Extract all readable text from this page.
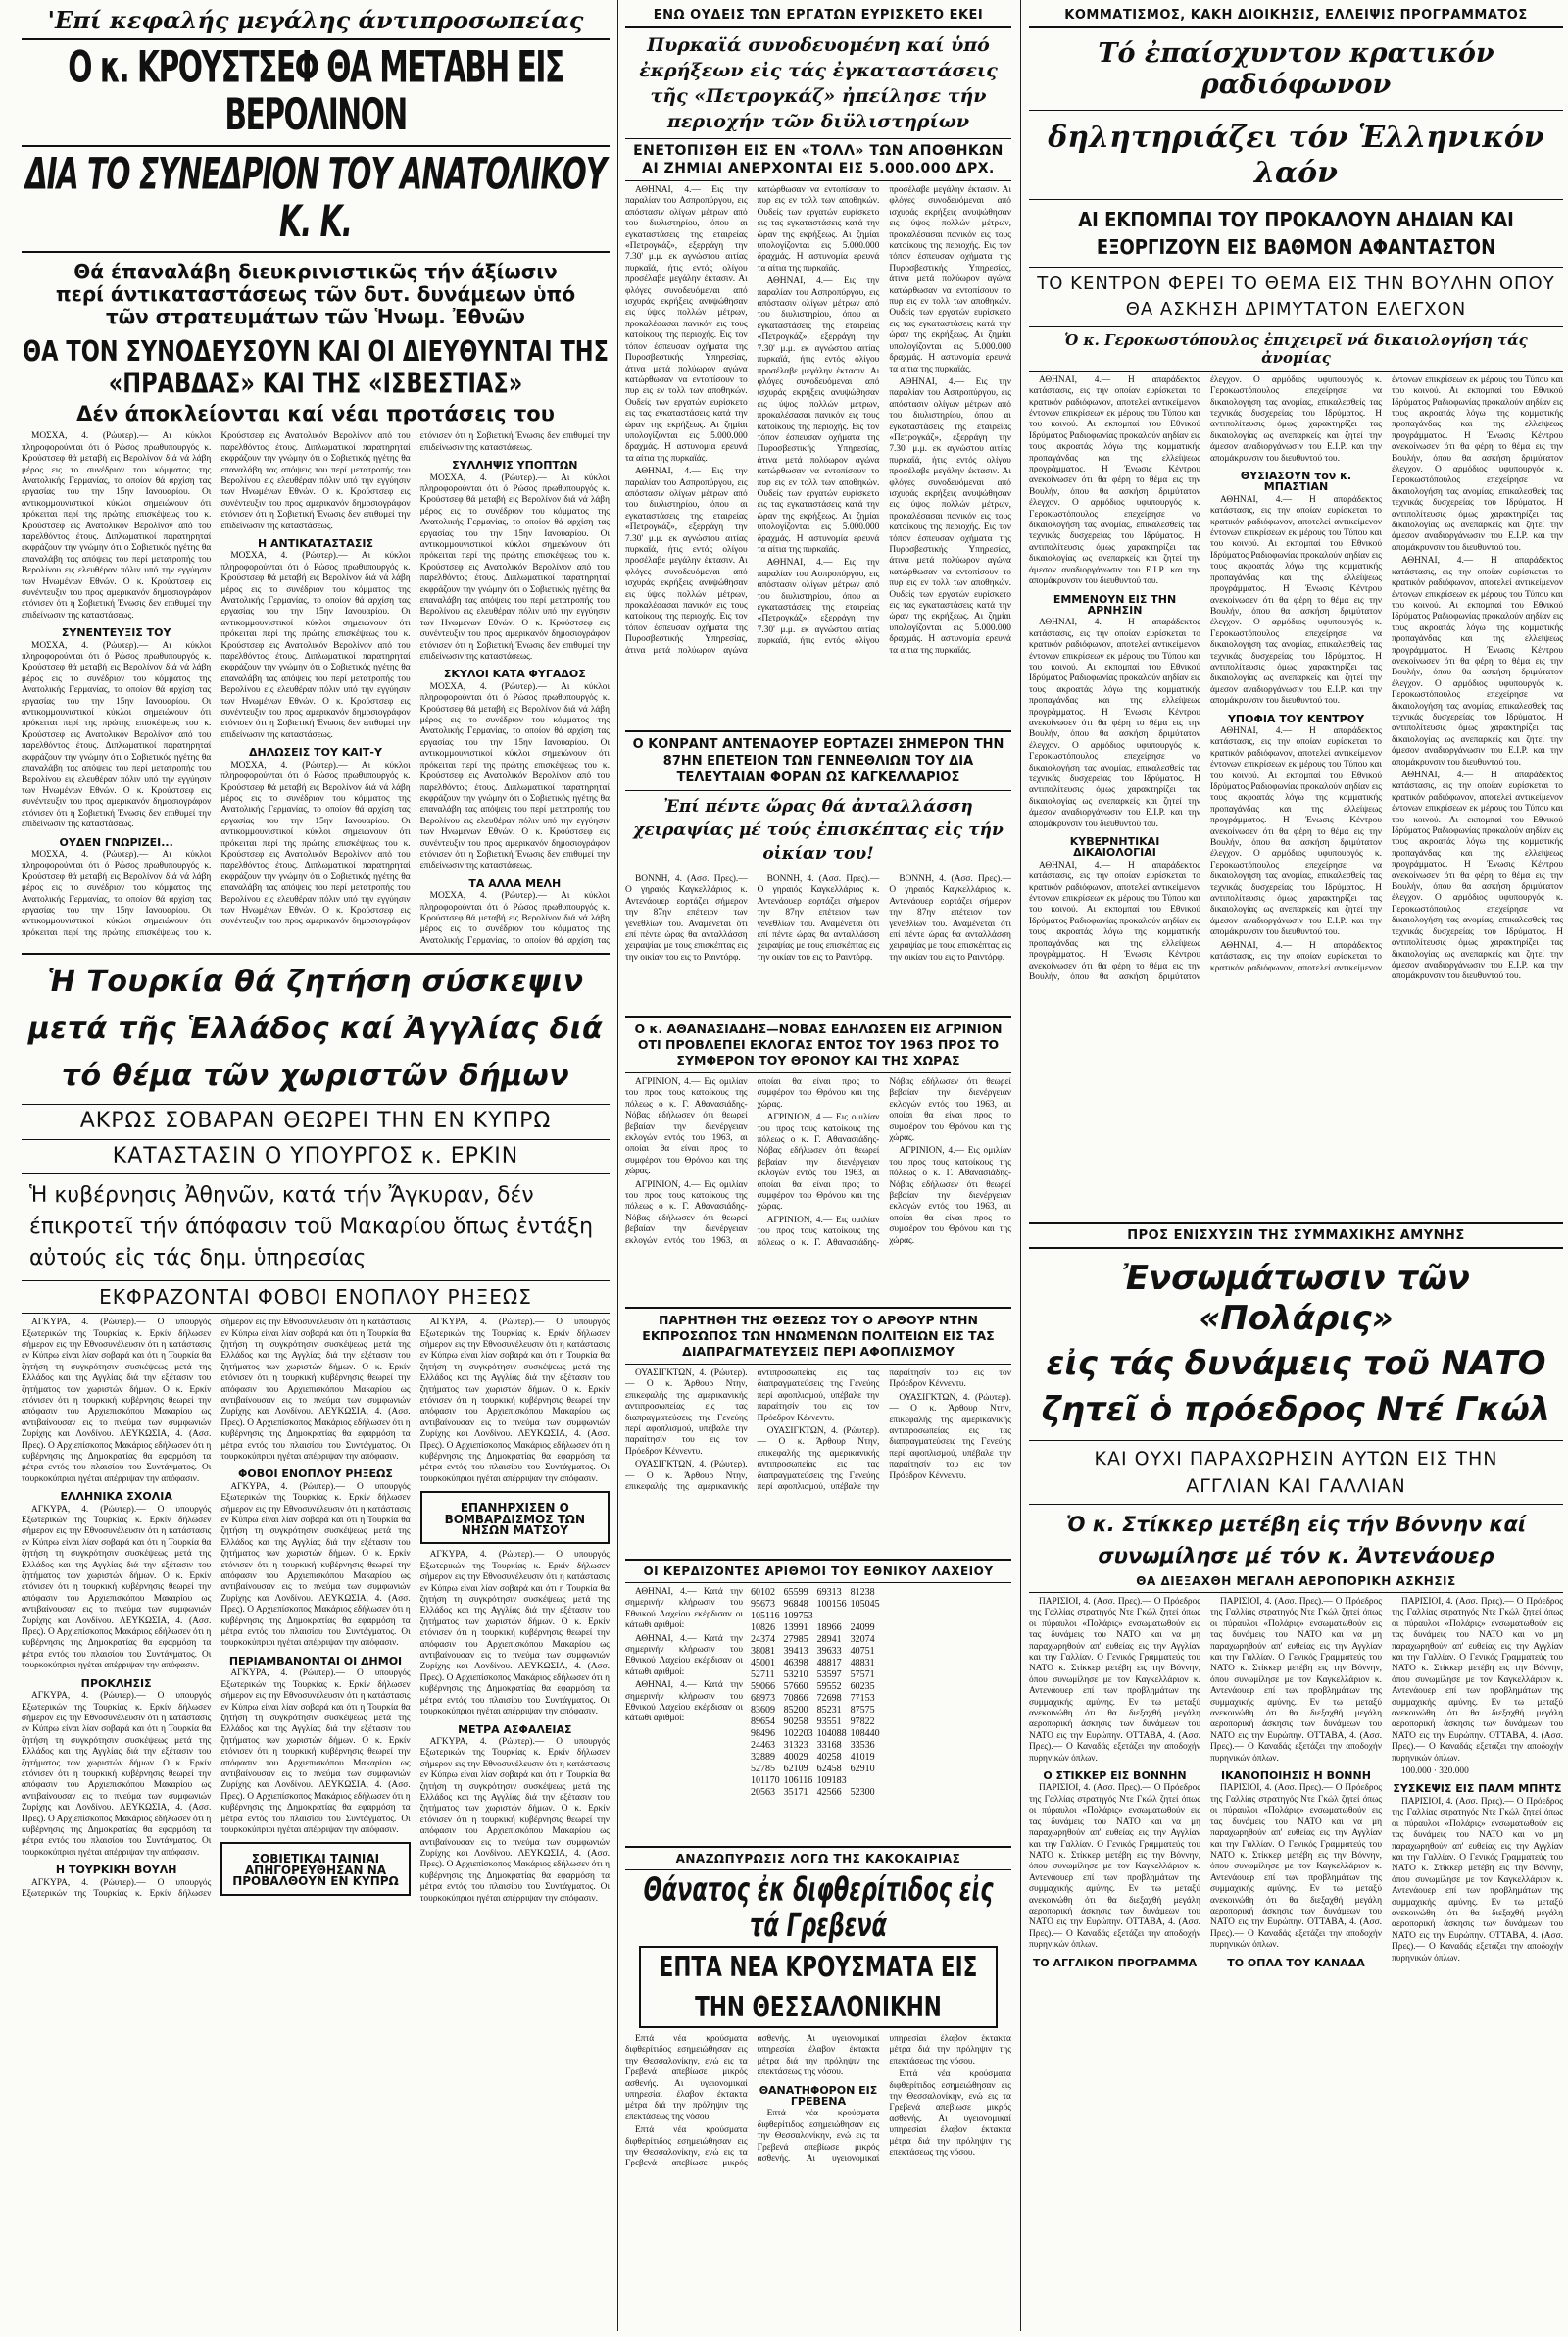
'Επί κεφαλής μεγάλης άντιπροσωπείας
Ο κ. ΚΡΟΥΣΤΣΕΦ ΘΑ ΜΕΤΑΒΗ ΕΙΣ ΒΕΡΟΛΙΝΟΝ
ΔΙΑ ΤΟ ΣΥΝΕΔΡΙΟΝ ΤΟΥ ΑΝΑΤΟΛΙΚΟΥ Κ. Κ.
Θά έπαναλάβη διευκρινιστικῶς τήν άξίωσιν περί άντικαταστάσεως τῶν δυτ. δυνάμεων ὑπό τῶν στρατευμάτων τῶν Ἡνωμ. Ἐθνῶν
ΘΑ ΤΟΝ ΣΥΝΟΔΕΥΣΟΥΝ ΚΑΙ ΟΙ ΔΙΕΥΘΥΝΤΑΙ ΤΗΣ «ΠΡΑΒΔΑΣ» ΚΑΙ ΤΗΣ «ΙΣΒΕΣΤΙΑΣ»
Δέν άποκλείονται καί νέαι προτάσεις του

ΜΟΣΧΑ, 4. (Ρώυτερ).— Αι κύκλοι πληροφορούνται ότι ό Ρώσος πρωθυπουργός κ. Κρούστσεφ θά μεταβή εις Βερολίνον διά νά λάβη μέρος εις το συνέδριον του κόμματος της Ανατολικής Γερμανίας, το οποίον θά αρχίση τας εργασίας του την 15ην Ιανουαρίου. Οι αντικομμουνιστικοί κύκλοι σημειώνουν ότι πρόκειται περί της πρώτης επισκέψεως του κ. Κρούστσεφ εις Ανατολικόν Βερολίνον από του παρελθόντος έτους. Διπλωματικοί παρατηρηταί εκφράζουν την γνώμην ότι ο Σοβιετικός ηγέτης θα επαναλάβη τας απόψεις του περί μετατροπής του Βερολίνου εις ελευθέραν πόλιν υπό την εγγύησιν των Ηνωμένων Εθνών. Ο κ. Κρούστσεφ εις συνέντευξιν του προς αμερικανόν δημοσιογράφον ετόνισεν ότι η Σοβιετική Ένωσις δεν επιθυμεί την επιδείνωσιν της καταστάσεως.

ΣΥΝΕΝΤΕΥΞΙΣ ΤΟΥ

ΜΟΣΧΑ, 4. (Ρώυτερ).— Αι κύκλοι πληροφορούνται ότι ό Ρώσος πρωθυπουργός κ. Κρούστσεφ θά μεταβή εις Βερολίνον διά νά λάβη μέρος εις το συνέδριον του κόμματος της Ανατολικής Γερμανίας, το οποίον θά αρχίση τας εργασίας του την 15ην Ιανουαρίου. Οι αντικομμουνιστικοί κύκλοι σημειώνουν ότι πρόκειται περί της πρώτης επισκέψεως του κ. Κρούστσεφ εις Ανατολικόν Βερολίνον από του παρελθόντος έτους. Διπλωματικοί παρατηρηταί εκφράζουν την γνώμην ότι ο Σοβιετικός ηγέτης θα επαναλάβη τας απόψεις του περί μετατροπής του Βερολίνου εις ελευθέραν πόλιν υπό την εγγύησιν των Ηνωμένων Εθνών. Ο κ. Κρούστσεφ εις συνέντευξιν του προς αμερικανόν δημοσιογράφον ετόνισεν ότι η Σοβιετική Ένωσις δεν επιθυμεί την επιδείνωσιν της καταστάσεως.

ΟΥΔΕΝ ΓΝΩΡΙΖΕΙ...

ΜΟΣΧΑ, 4. (Ρώυτερ).— Αι κύκλοι πληροφορούνται ότι ό Ρώσος πρωθυπουργός κ. Κρούστσεφ θά μεταβή εις Βερολίνον διά νά λάβη μέρος εις το συνέδριον του κόμματος της Ανατολικής Γερμανίας, το οποίον θά αρχίση τας εργασίας του την 15ην Ιανουαρίου. Οι αντικομμουνιστικοί κύκλοι σημειώνουν ότι πρόκειται περί της πρώτης επισκέψεως του κ. Κρούστσεφ εις Ανατολικόν Βερολίνον από του παρελθόντος έτους. Διπλωματικοί παρατηρηταί εκφράζουν την γνώμην ότι ο Σοβιετικός ηγέτης θα επαναλάβη τας απόψεις του περί μετατροπής του Βερολίνου εις ελευθέραν πόλιν υπό την εγγύησιν των Ηνωμένων Εθνών. Ο κ. Κρούστσεφ εις συνέντευξιν του προς αμερικανόν δημοσιογράφον ετόνισεν ότι η Σοβιετική Ένωσις δεν επιθυμεί την επιδείνωσιν της καταστάσεως.

Η ΑΝΤΙΚΑΤΑΣΤΑΣΙΣ

ΜΟΣΧΑ, 4. (Ρώυτερ).— Αι κύκλοι πληροφορούνται ότι ό Ρώσος πρωθυπουργός κ. Κρούστσεφ θά μεταβή εις Βερολίνον διά νά λάβη μέρος εις το συνέδριον του κόμματος της Ανατολικής Γερμανίας, το οποίον θά αρχίση τας εργασίας του την 15ην Ιανουαρίου. Οι αντικομμουνιστικοί κύκλοι σημειώνουν ότι πρόκειται περί της πρώτης επισκέψεως του κ. Κρούστσεφ εις Ανατολικόν Βερολίνον από του παρελθόντος έτους. Διπλωματικοί παρατηρηταί εκφράζουν την γνώμην ότι ο Σοβιετικός ηγέτης θα επαναλάβη τας απόψεις του περί μετατροπής του Βερολίνου εις ελευθέραν πόλιν υπό την εγγύησιν των Ηνωμένων Εθνών. Ο κ. Κρούστσεφ εις συνέντευξιν του προς αμερικανόν δημοσιογράφον ετόνισεν ότι η Σοβιετική Ένωσις δεν επιθυμεί την επιδείνωσιν της καταστάσεως.

ΔΗΛΩΣΕΙΣ ΤΟΥ ΚΑΙΤ-Υ

ΜΟΣΧΑ, 4. (Ρώυτερ).— Αι κύκλοι πληροφορούνται ότι ό Ρώσος πρωθυπουργός κ. Κρούστσεφ θά μεταβή εις Βερολίνον διά νά λάβη μέρος εις το συνέδριον του κόμματος της Ανατολικής Γερμανίας, το οποίον θά αρχίση τας εργασίας του την 15ην Ιανουαρίου. Οι αντικομμουνιστικοί κύκλοι σημειώνουν ότι πρόκειται περί της πρώτης επισκέψεως του κ. Κρούστσεφ εις Ανατολικόν Βερολίνον από του παρελθόντος έτους. Διπλωματικοί παρατηρηταί εκφράζουν την γνώμην ότι ο Σοβιετικός ηγέτης θα επαναλάβη τας απόψεις του περί μετατροπής του Βερολίνου εις ελευθέραν πόλιν υπό την εγγύησιν των Ηνωμένων Εθνών. Ο κ. Κρούστσεφ εις συνέντευξιν του προς αμερικανόν δημοσιογράφον ετόνισεν ότι η Σοβιετική Ένωσις δεν επιθυμεί την επιδείνωσιν της καταστάσεως.

ΣΥΛΛΗΨΙΣ ΥΠΟΠΤΩΝ

ΜΟΣΧΑ, 4. (Ρώυτερ).— Αι κύκλοι πληροφορούνται ότι ό Ρώσος πρωθυπουργός κ. Κρούστσεφ θά μεταβή εις Βερολίνον διά νά λάβη μέρος εις το συνέδριον του κόμματος της Ανατολικής Γερμανίας, το οποίον θά αρχίση τας εργασίας του την 15ην Ιανουαρίου. Οι αντικομμουνιστικοί κύκλοι σημειώνουν ότι πρόκειται περί της πρώτης επισκέψεως του κ. Κρούστσεφ εις Ανατολικόν Βερολίνον από του παρελθόντος έτους. Διπλωματικοί παρατηρηταί εκφράζουν την γνώμην ότι ο Σοβιετικός ηγέτης θα επαναλάβη τας απόψεις του περί μετατροπής του Βερολίνου εις ελευθέραν πόλιν υπό την εγγύησιν των Ηνωμένων Εθνών. Ο κ. Κρούστσεφ εις συνέντευξιν του προς αμερικανόν δημοσιογράφον ετόνισεν ότι η Σοβιετική Ένωσις δεν επιθυμεί την επιδείνωσιν της καταστάσεως.

ΣΚΥΛΟΙ ΚΑΤΑ ΦΥΓΑΔΟΣ

ΜΟΣΧΑ, 4. (Ρώυτερ).— Αι κύκλοι πληροφορούνται ότι ό Ρώσος πρωθυπουργός κ. Κρούστσεφ θά μεταβή εις Βερολίνον διά νά λάβη μέρος εις το συνέδριον του κόμματος της Ανατολικής Γερμανίας, το οποίον θά αρχίση τας εργασίας του την 15ην Ιανουαρίου. Οι αντικομμουνιστικοί κύκλοι σημειώνουν ότι πρόκειται περί της πρώτης επισκέψεως του κ. Κρούστσεφ εις Ανατολικόν Βερολίνον από του παρελθόντος έτους. Διπλωματικοί παρατηρηταί εκφράζουν την γνώμην ότι ο Σοβιετικός ηγέτης θα επαναλάβη τας απόψεις του περί μετατροπής του Βερολίνου εις ελευθέραν πόλιν υπό την εγγύησιν των Ηνωμένων Εθνών. Ο κ. Κρούστσεφ εις συνέντευξιν του προς αμερικανόν δημοσιογράφον ετόνισεν ότι η Σοβιετική Ένωσις δεν επιθυμεί την επιδείνωσιν της καταστάσεως.

ΤΑ ΑΛΛΑ ΜΕΛΗ

ΜΟΣΧΑ, 4. (Ρώυτερ).— Αι κύκλοι πληροφορούνται ότι ό Ρώσος πρωθυπουργός κ. Κρούστσεφ θά μεταβή εις Βερολίνον διά νά λάβη μέρος εις το συνέδριον του κόμματος της Ανατολικής Γερμανίας, το οποίον θά αρχίση τας

Ἡ Τουρκία θά ζητήση σύσκεψιν μετά τῆς Ἑλλάδος καί Ἀγγλίας διά τό θέμα τῶν χωριστῶν δήμων
ΑΚΡΩΣ ΣΟΒΑΡΑΝ ΘΕΩΡΕΙ ΤΗΝ ΕΝ ΚΥΠΡΩ
ΚΑΤΑΣΤΑΣΙΝ Ο ΥΠΟΥΡΓΟΣ κ. ΕΡΚΙΝ
Ἡ κυβέρνησις Ἀθηνῶν, κατά τήν Ἄγκυραν, δέν έπικροτεῖ τήν άπόφασιν τοῦ Μακαρίου ὅπως ἐντάξη αὐτούς εἰς τάς δημ. ὑπηρεσίας
ΕΚΦΡΑΖΟΝΤΑΙ ΦΟΒΟΙ ΕΝΟΠΛΟΥ ΡΗΞΕΩΣ

ΑΓΚΥΡΑ, 4. (Ρώυτερ).— Ο υπουργός Εξωτερικών της Τουρκίας κ. Ερκίν δήλωσεν σήμερον εις την Εθνοσυνέλευσιν ότι η κατάστασις εν Κύπρω είναι λίαν σοβαρά και ότι η Τουρκία θα ζητήση τη συγκρότησιν συσκέψεως μετά της Ελλάδος και της Αγγλίας διά την εξέτασιν του ζητήματος των χωριστών δήμων. Ο κ. Ερκίν ετόνισεν ότι η τουρκική κυβέρνησις θεωρεί την απόφασιν του Αρχιεπισκόπου Μακαρίου ως αντιβαίνουσαν εις το πνεύμα των συμφωνιών Ζυρίχης και Λονδίνου. ΛΕΥΚΩΣΙΑ, 4. (Ασσ. Πρες). Ο Αρχιεπίσκοπος Μακάριος εδήλωσεν ότι η κυβέρνησις της Δημοκρατίας θα εφαρμόση τα μέτρα εντός του πλαισίου του Συντάγματος. Οι τουρκοκύπριοι ηγέται απέρριψαν την απόφασιν.

ΕΛΛΗΝΙΚΑ ΣΧΟΛΙΑ

ΑΓΚΥΡΑ, 4. (Ρώυτερ).— Ο υπουργός Εξωτερικών της Τουρκίας κ. Ερκίν δήλωσεν σήμερον εις την Εθνοσυνέλευσιν ότι η κατάστασις εν Κύπρω είναι λίαν σοβαρά και ότι η Τουρκία θα ζητήση τη συγκρότησιν συσκέψεως μετά της Ελλάδος και της Αγγλίας διά την εξέτασιν του ζητήματος των χωριστών δήμων. Ο κ. Ερκίν ετόνισεν ότι η τουρκική κυβέρνησις θεωρεί την απόφασιν του Αρχιεπισκόπου Μακαρίου ως αντιβαίνουσαν εις το πνεύμα των συμφωνιών Ζυρίχης και Λονδίνου. ΛΕΥΚΩΣΙΑ, 4. (Ασσ. Πρες). Ο Αρχιεπίσκοπος Μακάριος εδήλωσεν ότι η κυβέρνησις της Δημοκρατίας θα εφαρμόση τα μέτρα εντός του πλαισίου του Συντάγματος. Οι τουρκοκύπριοι ηγέται απέρριψαν την απόφασιν.

ΠΡΟΚΛΗΣΙΣ

ΑΓΚΥΡΑ, 4. (Ρώυτερ).— Ο υπουργός Εξωτερικών της Τουρκίας κ. Ερκίν δήλωσεν σήμερον εις την Εθνοσυνέλευσιν ότι η κατάστασις εν Κύπρω είναι λίαν σοβαρά και ότι η Τουρκία θα ζητήση τη συγκρότησιν συσκέψεως μετά της Ελλάδος και της Αγγλίας διά την εξέτασιν του ζητήματος των χωριστών δήμων. Ο κ. Ερκίν ετόνισεν ότι η τουρκική κυβέρνησις θεωρεί την απόφασιν του Αρχιεπισκόπου Μακαρίου ως αντιβαίνουσαν εις το πνεύμα των συμφωνιών Ζυρίχης και Λονδίνου. ΛΕΥΚΩΣΙΑ, 4. (Ασσ. Πρες). Ο Αρχιεπίσκοπος Μακάριος εδήλωσεν ότι η κυβέρνησις της Δημοκρατίας θα εφαρμόση τα μέτρα εντός του πλαισίου του Συντάγματος. Οι τουρκοκύπριοι ηγέται απέρριψαν την απόφασιν.

Η ΤΟΥΡΚΙΚΗ ΒΟΥΛΗ

ΑΓΚΥΡΑ, 4. (Ρώυτερ).— Ο υπουργός Εξωτερικών της Τουρκίας κ. Ερκίν δήλωσεν σήμερον εις την Εθνοσυνέλευσιν ότι η κατάστασις εν Κύπρω είναι λίαν σοβαρά και ότι η Τουρκία θα ζητήση τη συγκρότησιν συσκέψεως μετά της Ελλάδος και της Αγγλίας διά την εξέτασιν του ζητήματος των χωριστών δήμων. Ο κ. Ερκίν ετόνισεν ότι η τουρκική κυβέρνησις θεωρεί την απόφασιν του Αρχιεπισκόπου Μακαρίου ως αντιβαίνουσαν εις το πνεύμα των συμφωνιών Ζυρίχης και Λονδίνου. ΛΕΥΚΩΣΙΑ, 4. (Ασσ. Πρες). Ο Αρχιεπίσκοπος Μακάριος εδήλωσεν ότι η κυβέρνησις της Δημοκρατίας θα εφαρμόση τα μέτρα εντός του πλαισίου του Συντάγματος. Οι τουρκοκύπριοι ηγέται απέρριψαν την απόφασιν.

ΦΟΒΟΙ ΕΝΟΠΛΟΥ ΡΗΞΕΩΣ

ΑΓΚΥΡΑ, 4. (Ρώυτερ).— Ο υπουργός Εξωτερικών της Τουρκίας κ. Ερκίν δήλωσεν σήμερον εις την Εθνοσυνέλευσιν ότι η κατάστασις εν Κύπρω είναι λίαν σοβαρά και ότι η Τουρκία θα ζητήση τη συγκρότησιν συσκέψεως μετά της Ελλάδος και της Αγγλίας διά την εξέτασιν του ζητήματος των χωριστών δήμων. Ο κ. Ερκίν ετόνισεν ότι η τουρκική κυβέρνησις θεωρεί την απόφασιν του Αρχιεπισκόπου Μακαρίου ως αντιβαίνουσαν εις το πνεύμα των συμφωνιών Ζυρίχης και Λονδίνου. ΛΕΥΚΩΣΙΑ, 4. (Ασσ. Πρες). Ο Αρχιεπίσκοπος Μακάριος εδήλωσεν ότι η κυβέρνησις της Δημοκρατίας θα εφαρμόση τα μέτρα εντός του πλαισίου του Συντάγματος. Οι τουρκοκύπριοι ηγέται απέρριψαν την απόφασιν.

ΠΕΡΙΑΜΒΑΝΟΝΤΑΙ ΟΙ ΔΗΜΟΙ

ΑΓΚΥΡΑ, 4. (Ρώυτερ).— Ο υπουργός Εξωτερικών της Τουρκίας κ. Ερκίν δήλωσεν σήμερον εις την Εθνοσυνέλευσιν ότι η κατάστασις εν Κύπρω είναι λίαν σοβαρά και ότι η Τουρκία θα ζητήση τη συγκρότησιν συσκέψεως μετά της Ελλάδος και της Αγγλίας διά την εξέτασιν του ζητήματος των χωριστών δήμων. Ο κ. Ερκίν ετόνισεν ότι η τουρκική κυβέρνησις θεωρεί την απόφασιν του Αρχιεπισκόπου Μακαρίου ως αντιβαίνουσαν εις το πνεύμα των συμφωνιών Ζυρίχης και Λονδίνου. ΛΕΥΚΩΣΙΑ, 4. (Ασσ. Πρες). Ο Αρχιεπίσκοπος Μακάριος εδήλωσεν ότι η κυβέρνησις της Δημοκρατίας θα εφαρμόση τα μέτρα εντός του πλαισίου του Συντάγματος. Οι τουρκοκύπριοι ηγέται απέρριψαν την απόφασιν.

ΣΟΒΙΕΤΙΚΑΙ ΤΑΙΝΙΑΙ ΑΠΗΓΟΡΕΥΘΗΣΑΝ ΝΑ ΠΡΟΒΑΛΘΟΥΝ ΕΝ ΚΥΠΡΩ

ΑΓΚΥΡΑ, 4. (Ρώυτερ).— Ο υπουργός Εξωτερικών της Τουρκίας κ. Ερκίν δήλωσεν σήμερον εις την Εθνοσυνέλευσιν ότι η κατάστασις εν Κύπρω είναι λίαν σοβαρά και ότι η Τουρκία θα ζητήση τη συγκρότησιν συσκέψεως μετά της Ελλάδος και της Αγγλίας διά την εξέτασιν του ζητήματος των χωριστών δήμων. Ο κ. Ερκίν ετόνισεν ότι η τουρκική κυβέρνησις θεωρεί την απόφασιν του Αρχιεπισκόπου Μακαρίου ως αντιβαίνουσαν εις το πνεύμα των συμφωνιών Ζυρίχης και Λονδίνου. ΛΕΥΚΩΣΙΑ, 4. (Ασσ. Πρες). Ο Αρχιεπίσκοπος Μακάριος εδήλωσεν ότι η κυβέρνησις της Δημοκρατίας θα εφαρμόση τα μέτρα εντός του πλαισίου του Συντάγματος. Οι τουρκοκύπριοι ηγέται απέρριψαν την απόφασιν.

ΕΠΑΝΗΡΧΙΣΕΝ Ο ΒΟΜΒΑΡΔΙΣΜΟΣ ΤΩΝ ΝΗΣΩΝ ΜΑΤΣΟΥ

ΑΓΚΥΡΑ, 4. (Ρώυτερ).— Ο υπουργός Εξωτερικών της Τουρκίας κ. Ερκίν δήλωσεν σήμερον εις την Εθνοσυνέλευσιν ότι η κατάστασις εν Κύπρω είναι λίαν σοβαρά και ότι η Τουρκία θα ζητήση τη συγκρότησιν συσκέψεως μετά της Ελλάδος και της Αγγλίας διά την εξέτασιν του ζητήματος των χωριστών δήμων. Ο κ. Ερκίν ετόνισεν ότι η τουρκική κυβέρνησις θεωρεί την απόφασιν του Αρχιεπισκόπου Μακαρίου ως αντιβαίνουσαν εις το πνεύμα των συμφωνιών Ζυρίχης και Λονδίνου. ΛΕΥΚΩΣΙΑ, 4. (Ασσ. Πρες). Ο Αρχιεπίσκοπος Μακάριος εδήλωσεν ότι η κυβέρνησις της Δημοκρατίας θα εφαρμόση τα μέτρα εντός του πλαισίου του Συντάγματος. Οι τουρκοκύπριοι ηγέται απέρριψαν την απόφασιν.

ΜΕΤΡΑ ΑΣΦΑΛΕΙΑΣ

ΑΓΚΥΡΑ, 4. (Ρώυτερ).— Ο υπουργός Εξωτερικών της Τουρκίας κ. Ερκίν δήλωσεν σήμερον εις την Εθνοσυνέλευσιν ότι η κατάστασις εν Κύπρω είναι λίαν σοβαρά και ότι η Τουρκία θα ζητήση τη συγκρότησιν συσκέψεως μετά της Ελλάδος και της Αγγλίας διά την εξέτασιν του ζητήματος των χωριστών δήμων. Ο κ. Ερκίν ετόνισεν ότι η τουρκική κυβέρνησις θεωρεί την απόφασιν του Αρχιεπισκόπου Μακαρίου ως αντιβαίνουσαν εις το πνεύμα των συμφωνιών Ζυρίχης και Λονδίνου. ΛΕΥΚΩΣΙΑ, 4. (Ασσ. Πρες). Ο Αρχιεπίσκοπος Μακάριος εδήλωσεν ότι η κυβέρνησις της Δημοκρατίας θα εφαρμόση τα μέτρα εντός του πλαισίου του Συντάγματος. Οι τουρκοκύπριοι ηγέται απέρριψαν την απόφασιν.

ΕΝΩ ΟΥΔΕΙΣ ΤΩΝ ΕΡΓΑΤΩΝ ΕΥΡΙΣΚΕΤΟ ΕΚΕΙ
Πυρκαϊά συνοδευομένη καί ὑπό ἐκρήξεων εἰς τάς ἐγκαταστάσεις τῆς «Πετρογκάζ» ἠπείλησε τήν περιοχήν τῶν διϋλιστηρίων
ΕΝΕΤΟΠΙΣΘΗ ΕΙΣ ΕΝ «ΤΟΛΛ» ΤΩΝ ΑΠΟΘΗΚΩΝ
ΑΙ ΖΗΜΙΑΙ ΑΝΕΡΧΟΝΤΑΙ ΕΙΣ 5.000.000 ΔΡΧ.

ΑΘΗΝΑΙ, 4.— Εις την παραλίαν του Ασπροπύργου, εις απόστασιν ολίγων μέτρων από του διυλιστηρίου, όπου αι εγκαταστάσεις της εταιρείας «Πετρογκάζ», εξερράγη την 7.30' μ.μ. εκ αγνώστου αιτίας πυρκαϊά, ήτις εντός ολίγου προσέλαβε μεγάλην έκτασιν. Αι φλόγες συνοδευόμεναι από ισχυράς εκρήξεις ανυψώθησαν εις ύψος πολλών μέτρων, προκαλέσασαι πανικόν εις τους κατοίκους της περιοχής. Εις τον τόπον έσπευσαν οχήματα της Πυροσβεστικής Υπηρεσίας, άτινα μετά πολύωρον αγώνα κατώρθωσαν να εντοπίσουν το πυρ εις εν τολλ των αποθηκών. Ουδείς των εργατών ευρίσκετο εις τας εγκαταστάσεις κατά την ώραν της εκρήξεως. Αι ζημίαι υπολογίζονται εις 5.000.000 δραχμάς. Η αστυνομία ερευνά τα αίτια της πυρκαϊάς.

ΑΘΗΝΑΙ, 4.— Εις την παραλίαν του Ασπροπύργου, εις απόστασιν ολίγων μέτρων από του διυλιστηρίου, όπου αι εγκαταστάσεις της εταιρείας «Πετρογκάζ», εξερράγη την 7.30' μ.μ. εκ αγνώστου αιτίας πυρκαϊά, ήτις εντός ολίγου προσέλαβε μεγάλην έκτασιν. Αι φλόγες συνοδευόμεναι από ισχυράς εκρήξεις ανυψώθησαν εις ύψος πολλών μέτρων, προκαλέσασαι πανικόν εις τους κατοίκους της περιοχής. Εις τον τόπον έσπευσαν οχήματα της Πυροσβεστικής Υπηρεσίας, άτινα μετά πολύωρον αγώνα κατώρθωσαν να εντοπίσουν το πυρ εις εν τολλ των αποθηκών. Ουδείς των εργατών ευρίσκετο εις τας εγκαταστάσεις κατά την ώραν της εκρήξεως. Αι ζημίαι υπολογίζονται εις 5.000.000 δραχμάς. Η αστυνομία ερευνά τα αίτια της πυρκαϊάς.

ΑΘΗΝΑΙ, 4.— Εις την παραλίαν του Ασπροπύργου, εις απόστασιν ολίγων μέτρων από του διυλιστηρίου, όπου αι εγκαταστάσεις της εταιρείας «Πετρογκάζ», εξερράγη την 7.30' μ.μ. εκ αγνώστου αιτίας πυρκαϊά, ήτις εντός ολίγου προσέλαβε μεγάλην έκτασιν. Αι φλόγες συνοδευόμεναι από ισχυράς εκρήξεις ανυψώθησαν εις ύψος πολλών μέτρων, προκαλέσασαι πανικόν εις τους κατοίκους της περιοχής. Εις τον τόπον έσπευσαν οχήματα της Πυροσβεστικής Υπηρεσίας, άτινα μετά πολύωρον αγώνα κατώρθωσαν να εντοπίσουν το πυρ εις εν τολλ των αποθηκών. Ουδείς των εργατών ευρίσκετο εις τας εγκαταστάσεις κατά την ώραν της εκρήξεως. Αι ζημίαι υπολογίζονται εις 5.000.000 δραχμάς. Η αστυνομία ερευνά τα αίτια της πυρκαϊάς.

ΑΘΗΝΑΙ, 4.— Εις την παραλίαν του Ασπροπύργου, εις απόστασιν ολίγων μέτρων από του διυλιστηρίου, όπου αι εγκαταστάσεις της εταιρείας «Πετρογκάζ», εξερράγη την 7.30' μ.μ. εκ αγνώστου αιτίας πυρκαϊά, ήτις εντός ολίγου προσέλαβε μεγάλην έκτασιν. Αι φλόγες συνοδευόμεναι από ισχυράς εκρήξεις ανυψώθησαν εις ύψος πολλών μέτρων, προκαλέσασαι πανικόν εις τους κατοίκους της περιοχής. Εις τον τόπον έσπευσαν οχήματα της Πυροσβεστικής Υπηρεσίας, άτινα μετά πολύωρον αγώνα κατώρθωσαν να εντοπίσουν το πυρ εις εν τολλ των αποθηκών. Ουδείς των εργατών ευρίσκετο εις τας εγκαταστάσεις κατά την ώραν της εκρήξεως. Αι ζημίαι υπολογίζονται εις 5.000.000 δραχμάς. Η αστυνομία ερευνά τα αίτια της πυρκαϊάς.

ΑΘΗΝΑΙ, 4.— Εις την παραλίαν του Ασπροπύργου, εις απόστασιν ολίγων μέτρων από του διυλιστηρίου, όπου αι εγκαταστάσεις της εταιρείας «Πετρογκάζ», εξερράγη την 7.30' μ.μ. εκ αγνώστου αιτίας πυρκαϊά, ήτις εντός ολίγου προσέλαβε μεγάλην έκτασιν. Αι φλόγες συνοδευόμεναι από ισχυράς εκρήξεις ανυψώθησαν εις ύψος πολλών μέτρων, προκαλέσασαι πανικόν εις τους κατοίκους της περιοχής. Εις τον τόπον έσπευσαν οχήματα της Πυροσβεστικής Υπηρεσίας, άτινα μετά πολύωρον αγώνα κατώρθωσαν να εντοπίσουν το πυρ εις εν τολλ των αποθηκών. Ουδείς των εργατών ευρίσκετο εις τας εγκαταστάσεις κατά την ώραν της εκρήξεως. Αι ζημίαι υπολογίζονται εις 5.000.000 δραχμάς. Η αστυνομία ερευνά τα αίτια της πυρκαϊάς.

Ο ΚΟΝΡΑΝΤ ΑΝΤΕΝΑΟΥΕΡ ΕΟΡΤΑΖΕΙ ΣΗΜΕΡΟΝ ΤΗΝ 87ΗΝ ΕΠΕΤΕΙΟΝ ΤΩΝ ΓΕΝΝΕΘΛΙΩΝ ΤΟΥ ΔΙΑ ΤΕΛΕΥΤΑΙΑΝ ΦΟΡΑΝ ΩΣ ΚΑΓΚΕΛΛΑΡΙΟΣ
Ἐπί πέντε ὥρας θά ἀνταλλάσση χειραψίας μέ τούς ἐπισκέπτας εἰς τήν οἰκίαν του!

ΒΟΝΝΗ, 4. (Ασσ. Πρες).— Ο γηραιός Καγκελλάριος κ. Αντενάουερ εορτάζει σήμερον την 87ην επέτειον των γενεθλίων του. Αναμένεται ότι επί πέντε ώρας θα ανταλλάσση χειραψίας με τους επισκέπτας εις την οικίαν του εις το Ραιντόρφ.

ΒΟΝΝΗ, 4. (Ασσ. Πρες).— Ο γηραιός Καγκελλάριος κ. Αντενάουερ εορτάζει σήμερον την 87ην επέτειον των γενεθλίων του. Αναμένεται ότι επί πέντε ώρας θα ανταλλάσση χειραψίας με τους επισκέπτας εις την οικίαν του εις το Ραιντόρφ.

ΒΟΝΝΗ, 4. (Ασσ. Πρες).— Ο γηραιός Καγκελλάριος κ. Αντενάουερ εορτάζει σήμερον την 87ην επέτειον των γενεθλίων του. Αναμένεται ότι επί πέντε ώρας θα ανταλλάσση χειραψίας με τους επισκέπτας εις την οικίαν του εις το Ραιντόρφ.

Ο κ. ΑΘΑΝΑΣΙΑΔΗΣ—ΝΟΒΑΣ ΕΔΗΛΩΣΕΝ ΕΙΣ ΑΓΡΙΝΙΟΝ ΟΤΙ ΠΡΟΒΛΕΠΕΙ ΕΚΛΟΓΑΣ ΕΝΤΟΣ ΤΟΥ 1963 ΠΡΟΣ ΤΟ ΣΥΜΦΕΡΟΝ ΤΟΥ ΘΡΟΝΟΥ ΚΑΙ ΤΗΣ ΧΩΡΑΣ

ΑΓΡΙΝΙΟΝ, 4.— Εις ομιλίαν του προς τους κατοίκους της πόλεως ο κ. Γ. Αθανασιάδης-Νόβας εδήλωσεν ότι θεωρεί βεβαίαν την διενέργειαν εκλογών εντός του 1963, αι οποίαι θα είναι προς το συμφέρον του Θρόνου και της χώρας.

ΑΓΡΙΝΙΟΝ, 4.— Εις ομιλίαν του προς τους κατοίκους της πόλεως ο κ. Γ. Αθανασιάδης-Νόβας εδήλωσεν ότι θεωρεί βεβαίαν την διενέργειαν εκλογών εντός του 1963, αι οποίαι θα είναι προς το συμφέρον του Θρόνου και της χώρας.

ΑΓΡΙΝΙΟΝ, 4.— Εις ομιλίαν του προς τους κατοίκους της πόλεως ο κ. Γ. Αθανασιάδης-Νόβας εδήλωσεν ότι θεωρεί βεβαίαν την διενέργειαν εκλογών εντός του 1963, αι οποίαι θα είναι προς το συμφέρον του Θρόνου και της χώρας.

ΑΓΡΙΝΙΟΝ, 4.— Εις ομιλίαν του προς τους κατοίκους της πόλεως ο κ. Γ. Αθανασιάδης-Νόβας εδήλωσεν ότι θεωρεί βεβαίαν την διενέργειαν εκλογών εντός του 1963, αι οποίαι θα είναι προς το συμφέρον του Θρόνου και της χώρας.

ΑΓΡΙΝΙΟΝ, 4.— Εις ομιλίαν του προς τους κατοίκους της πόλεως ο κ. Γ. Αθανασιάδης-Νόβας εδήλωσεν ότι θεωρεί βεβαίαν την διενέργειαν εκλογών εντός του 1963, αι οποίαι θα είναι προς το συμφέρον του Θρόνου και της χώρας.

ΠΑΡΗΤΗΘΗ ΤΗΣ ΘΕΣΕΩΣ ΤΟΥ Ο ΑΡΘΟΥΡ ΝΤΗΝ ΕΚΠΡΟΣΩΠΟΣ ΤΩΝ ΗΝΩΜΕΝΩΝ ΠΟΛΙΤΕΙΩΝ ΕΙΣ ΤΑΣ ΔΙΑΠΡΑΓΜΑΤΕΥΣΕΙΣ ΠΕΡΙ ΑΦΟΠΛΙΣΜΟΥ

ΟΥΑΣΙΓΚΤΩΝ, 4. (Ρώυτερ).— Ο κ. Άρθουρ Ντην, επικεφαλής της αμερικανικής αντιπροσωπείας εις τας διαπραγματεύσεις της Γενεύης περί αφοπλισμού, υπέβαλε την παραίτησίν του εις τον Πρόεδρον Κέννεντυ.

ΟΥΑΣΙΓΚΤΩΝ, 4. (Ρώυτερ).— Ο κ. Άρθουρ Ντην, επικεφαλής της αμερικανικής αντιπροσωπείας εις τας διαπραγματεύσεις της Γενεύης περί αφοπλισμού, υπέβαλε την παραίτησίν του εις τον Πρόεδρον Κέννεντυ.

ΟΥΑΣΙΓΚΤΩΝ, 4. (Ρώυτερ).— Ο κ. Άρθουρ Ντην, επικεφαλής της αμερικανικής αντιπροσωπείας εις τας διαπραγματεύσεις της Γενεύης περί αφοπλισμού, υπέβαλε την παραίτησίν του εις τον Πρόεδρον Κέννεντυ.

ΟΥΑΣΙΓΚΤΩΝ, 4. (Ρώυτερ).— Ο κ. Άρθουρ Ντην, επικεφαλής της αμερικανικής αντιπροσωπείας εις τας διαπραγματεύσεις της Γενεύης περί αφοπλισμού, υπέβαλε την παραίτησίν του εις τον Πρόεδρον Κέννεντυ.

ΟΙ ΚΕΡΔΙΖΟΝΤΕΣ ΑΡΙΘΜΟΙ ΤΟΥ ΕΘΝΙΚΟΥ ΛΑΧΕΙΟΥ

ΑΘΗΝΑΙ, 4.— Κατά την σημερινήν κλήρωσιν του Εθνικού Λαχείου εκέρδισαν οι κάτωθι αριθμοί:

ΑΘΗΝΑΙ, 4.— Κατά την σημερινήν κλήρωσιν του Εθνικού Λαχείου εκέρδισαν οι κάτωθι αριθμοί:

ΑΘΗΝΑΙ, 4.— Κατά την σημερινήν κλήρωσιν του Εθνικού Λαχείου εκέρδισαν οι κάτωθι αριθμοί:

60102	65599	69313	81238
95673	96848	100156	105045
105116	109753		
10826	13991	18966	24099
24374	27985	28941	32074
38081	39413	39633	40751
45001	46398	48817	48831
52711	53210	53597	57571
59066	57660	59552	60235
68973	70866	72698	77153
83609	85200	85231	87575
89654	90258	93551	97822
98496	102203	104088	108440
24463	31323	33168	33536
32889	40029	40258	41019
52785	62109	62458	62910
101170	106116	109183	
20563	35171	42566	52300
ΑΝΑΖΩΠΥΡΩΣΙΣ ΛΟΓΩ ΤΗΣ ΚΑΚΟΚΑΙΡΙΑΣ
Θάνατος ἐκ διφθερίτιδος εἰς τά Γρεβενά
ΕΠΤΑ ΝΕΑ ΚΡΟΥΣΜΑΤΑ ΕΙΣ ΤΗΝ ΘΕΣΣΑΛΟΝΙΚΗΝ

Επτά νέα κρούσματα διφθερίτιδος εσημειώθησαν εις την Θεσσαλονίκην, ενώ εις τα Γρεβενά απεβίωσε μικρός ασθενής. Αι υγειονομικαί υπηρεσίαι έλαβον έκτακτα μέτρα διά την πρόληψιν της επεκτάσεως της νόσου.

Επτά νέα κρούσματα διφθερίτιδος εσημειώθησαν εις την Θεσσαλονίκην, ενώ εις τα Γρεβενά απεβίωσε μικρός ασθενής. Αι υγειονομικαί υπηρεσίαι έλαβον έκτακτα μέτρα διά την πρόληψιν της επεκτάσεως της νόσου.

ΘΑΝΑΤΗΦΟΡΟΝ ΕΙΣ ΓΡΕΒΕΝΑ

Επτά νέα κρούσματα διφθερίτιδος εσημειώθησαν εις την Θεσσαλονίκην, ενώ εις τα Γρεβενά απεβίωσε μικρός ασθενής. Αι υγειονομικαί υπηρεσίαι έλαβον έκτακτα μέτρα διά την πρόληψιν της επεκτάσεως της νόσου.

Επτά νέα κρούσματα διφθερίτιδος εσημειώθησαν εις την Θεσσαλονίκην, ενώ εις τα Γρεβενά απεβίωσε μικρός ασθενής. Αι υγειονομικαί υπηρεσίαι έλαβον έκτακτα μέτρα διά την πρόληψιν της επεκτάσεως της νόσου.

ΚΟΜΜΑΤΙΣΜΟΣ, ΚΑΚΗ ΔΙΟΙΚΗΣΙΣ, ΕΛΛΕΙΨΙΣ ΠΡΟΓΡΑΜΜΑΤΟΣ
Τό ἐπαίσχυντον κρατικόν ραδιόφωνον
δηλητηριάζει τόν Ἑλληνικόν λαόν
ΑΙ ΕΚΠΟΜΠΑΙ ΤΟΥ ΠΡΟΚΑΛΟΥΝ ΑΗΔΙΑΝ ΚΑΙ ΕΞΟΡΓΙΖΟΥΝ ΕΙΣ ΒΑΘΜΟΝ ΑΦΑΝΤΑΣΤΟΝ
ΤΟ ΚΕΝΤΡΟΝ ΦΕΡΕΙ ΤΟ ΘΕΜΑ ΕΙΣ ΤΗΝ ΒΟΥΛΗΝ ΟΠΟΥ ΘΑ ΑΣΚΗΣΗ ΔΡΙΜΥΤΑΤΟΝ ΕΛΕΓΧΟΝ
Ὁ κ. Γεροκωστόπουλος ἐπιχειρεῖ νά δικαιολογήση τάς ἀνομίας

ΑΘΗΝΑΙ, 4.— Η απαράδεκτος κατάστασις, εις την οποίαν ευρίσκεται το κρατικόν ραδιόφωνον, αποτελεί αντικείμενον έντονων επικρίσεων εκ μέρους του Τύπου και του κοινού. Αι εκπομπαί του Εθνικού Ιδρύματος Ραδιοφωνίας προκαλούν αηδίαν εις τους ακροατάς λόγω της κομματικής προπαγάνδας και της ελλείψεως προγράμματος. Η Ένωσις Κέντρου ανεκοίνωσεν ότι θα φέρη το θέμα εις την Βουλήν, όπου θα ασκήση δριμύτατον έλεγχον. Ο αρμόδιος υφυπουργός κ. Γεροκωστόπουλος επεχείρησε να δικαιολογήση τας ανομίας, επικαλεσθείς τας τεχνικάς δυσχερείας του Ιδρύματος. Η αντιπολίτευσις όμως χαρακτηρίζει τας δικαιολογίας ως ανεπαρκείς και ζητεί την άμεσον αναδιοργάνωσιν του Ε.Ι.Ρ. και την απομάκρυνσιν του διευθυντού του.

ΕΜΜΕΝΟΥΝ ΕΙΣ ΤΗΝ ΑΡΝΗΣΙΝ

ΑΘΗΝΑΙ, 4.— Η απαράδεκτος κατάστασις, εις την οποίαν ευρίσκεται το κρατικόν ραδιόφωνον, αποτελεί αντικείμενον έντονων επικρίσεων εκ μέρους του Τύπου και του κοινού. Αι εκπομπαί του Εθνικού Ιδρύματος Ραδιοφωνίας προκαλούν αηδίαν εις τους ακροατάς λόγω της κομματικής προπαγάνδας και της ελλείψεως προγράμματος. Η Ένωσις Κέντρου ανεκοίνωσεν ότι θα φέρη το θέμα εις την Βουλήν, όπου θα ασκήση δριμύτατον έλεγχον. Ο αρμόδιος υφυπουργός κ. Γεροκωστόπουλος επεχείρησε να δικαιολογήση τας ανομίας, επικαλεσθείς τας τεχνικάς δυσχερείας του Ιδρύματος. Η αντιπολίτευσις όμως χαρακτηρίζει τας δικαιολογίας ως ανεπαρκείς και ζητεί την άμεσον αναδιοργάνωσιν του Ε.Ι.Ρ. και την απομάκρυνσιν του διευθυντού του.

ΚΥΒΕΡΝΗΤΙΚΑΙ ΔΙΚΑΙΟΛΟΓΙΑΙ

ΑΘΗΝΑΙ, 4.— Η απαράδεκτος κατάστασις, εις την οποίαν ευρίσκεται το κρατικόν ραδιόφωνον, αποτελεί αντικείμενον έντονων επικρίσεων εκ μέρους του Τύπου και του κοινού. Αι εκπομπαί του Εθνικού Ιδρύματος Ραδιοφωνίας προκαλούν αηδίαν εις τους ακροατάς λόγω της κομματικής προπαγάνδας και της ελλείψεως προγράμματος. Η Ένωσις Κέντρου ανεκοίνωσεν ότι θα φέρη το θέμα εις την Βουλήν, όπου θα ασκήση δριμύτατον έλεγχον. Ο αρμόδιος υφυπουργός κ. Γεροκωστόπουλος επεχείρησε να δικαιολογήση τας ανομίας, επικαλεσθείς τας τεχνικάς δυσχερείας του Ιδρύματος. Η αντιπολίτευσις όμως χαρακτηρίζει τας δικαιολογίας ως ανεπαρκείς και ζητεί την άμεσον αναδιοργάνωσιν του Ε.Ι.Ρ. και την απομάκρυνσιν του διευθυντού του.

ΘΥΣΙΑΣΟΥΝ τον κ. ΜΠΑΣΤΙΑΝ

ΑΘΗΝΑΙ, 4.— Η απαράδεκτος κατάστασις, εις την οποίαν ευρίσκεται το κρατικόν ραδιόφωνον, αποτελεί αντικείμενον έντονων επικρίσεων εκ μέρους του Τύπου και του κοινού. Αι εκπομπαί του Εθνικού Ιδρύματος Ραδιοφωνίας προκαλούν αηδίαν εις τους ακροατάς λόγω της κομματικής προπαγάνδας και της ελλείψεως προγράμματος. Η Ένωσις Κέντρου ανεκοίνωσεν ότι θα φέρη το θέμα εις την Βουλήν, όπου θα ασκήση δριμύτατον έλεγχον. Ο αρμόδιος υφυπουργός κ. Γεροκωστόπουλος επεχείρησε να δικαιολογήση τας ανομίας, επικαλεσθείς τας τεχνικάς δυσχερείας του Ιδρύματος. Η αντιπολίτευσις όμως χαρακτηρίζει τας δικαιολογίας ως ανεπαρκείς και ζητεί την άμεσον αναδιοργάνωσιν του Ε.Ι.Ρ. και την απομάκρυνσιν του διευθυντού του.

ΥΠΟΦΙΑ ΤΟΥ ΚΕΝΤΡΟΥ

ΑΘΗΝΑΙ, 4.— Η απαράδεκτος κατάστασις, εις την οποίαν ευρίσκεται το κρατικόν ραδιόφωνον, αποτελεί αντικείμενον έντονων επικρίσεων εκ μέρους του Τύπου και του κοινού. Αι εκπομπαί του Εθνικού Ιδρύματος Ραδιοφωνίας προκαλούν αηδίαν εις τους ακροατάς λόγω της κομματικής προπαγάνδας και της ελλείψεως προγράμματος. Η Ένωσις Κέντρου ανεκοίνωσεν ότι θα φέρη το θέμα εις την Βουλήν, όπου θα ασκήση δριμύτατον έλεγχον. Ο αρμόδιος υφυπουργός κ. Γεροκωστόπουλος επεχείρησε να δικαιολογήση τας ανομίας, επικαλεσθείς τας τεχνικάς δυσχερείας του Ιδρύματος. Η αντιπολίτευσις όμως χαρακτηρίζει τας δικαιολογίας ως ανεπαρκείς και ζητεί την άμεσον αναδιοργάνωσιν του Ε.Ι.Ρ. και την απομάκρυνσιν του διευθυντού του.

ΑΘΗΝΑΙ, 4.— Η απαράδεκτος κατάστασις, εις την οποίαν ευρίσκεται το κρατικόν ραδιόφωνον, αποτελεί αντικείμενον έντονων επικρίσεων εκ μέρους του Τύπου και του κοινού. Αι εκπομπαί του Εθνικού Ιδρύματος Ραδιοφωνίας προκαλούν αηδίαν εις τους ακροατάς λόγω της κομματικής προπαγάνδας και της ελλείψεως προγράμματος. Η Ένωσις Κέντρου ανεκοίνωσεν ότι θα φέρη το θέμα εις την Βουλήν, όπου θα ασκήση δριμύτατον έλεγχον. Ο αρμόδιος υφυπουργός κ. Γεροκωστόπουλος επεχείρησε να δικαιολογήση τας ανομίας, επικαλεσθείς τας τεχνικάς δυσχερείας του Ιδρύματος. Η αντιπολίτευσις όμως χαρακτηρίζει τας δικαιολογίας ως ανεπαρκείς και ζητεί την άμεσον αναδιοργάνωσιν του Ε.Ι.Ρ. και την απομάκρυνσιν του διευθυντού του.

ΑΘΗΝΑΙ, 4.— Η απαράδεκτος κατάστασις, εις την οποίαν ευρίσκεται το κρατικόν ραδιόφωνον, αποτελεί αντικείμενον έντονων επικρίσεων εκ μέρους του Τύπου και του κοινού. Αι εκπομπαί του Εθνικού Ιδρύματος Ραδιοφωνίας προκαλούν αηδίαν εις τους ακροατάς λόγω της κομματικής προπαγάνδας και της ελλείψεως προγράμματος. Η Ένωσις Κέντρου ανεκοίνωσεν ότι θα φέρη το θέμα εις την Βουλήν, όπου θα ασκήση δριμύτατον έλεγχον. Ο αρμόδιος υφυπουργός κ. Γεροκωστόπουλος επεχείρησε να δικαιολογήση τας ανομίας, επικαλεσθείς τας τεχνικάς δυσχερείας του Ιδρύματος. Η αντιπολίτευσις όμως χαρακτηρίζει τας δικαιολογίας ως ανεπαρκείς και ζητεί την άμεσον αναδιοργάνωσιν του Ε.Ι.Ρ. και την απομάκρυνσιν του διευθυντού του.

ΑΘΗΝΑΙ, 4.— Η απαράδεκτος κατάστασις, εις την οποίαν ευρίσκεται το κρατικόν ραδιόφωνον, αποτελεί αντικείμενον έντονων επικρίσεων εκ μέρους του Τύπου και του κοινού. Αι εκπομπαί του Εθνικού Ιδρύματος Ραδιοφωνίας προκαλούν αηδίαν εις τους ακροατάς λόγω της κομματικής προπαγάνδας και της ελλείψεως προγράμματος. Η Ένωσις Κέντρου ανεκοίνωσεν ότι θα φέρη το θέμα εις την Βουλήν, όπου θα ασκήση δριμύτατον έλεγχον. Ο αρμόδιος υφυπουργός κ. Γεροκωστόπουλος επεχείρησε να δικαιολογήση τας ανομίας, επικαλεσθείς τας τεχνικάς δυσχερείας του Ιδρύματος. Η αντιπολίτευσις όμως χαρακτηρίζει τας δικαιολογίας ως ανεπαρκείς και ζητεί την άμεσον αναδιοργάνωσιν του Ε.Ι.Ρ. και την απομάκρυνσιν του διευθυντού του.

ΠΡΟΣ ΕΝΙΣΧΥΣΙΝ ΤΗΣ ΣΥΜΜΑΧΙΚΗΣ ΑΜΥΝΗΣ
Ἐνσωμάτωσιν τῶν «Πολάρις»
εἰς τάς δυνάμεις τοῦ ΝΑΤΟ
ζητεῖ ὁ πρόεδρος Ντέ Γκώλ
ΚΑΙ ΟΥΧΙ ΠΑΡΑΧΩΡΗΣΙΝ ΑΥΤΩΝ ΕΙΣ ΤΗΝ ΑΓΓΛΙΑΝ ΚΑΙ ΓΑΛΛΙΑΝ
Ὁ κ. Στίκκερ μετέβη εἰς τήν Βόννην καί συνωμίλησε μέ τόν κ. Ἀντενάουερ
ΘΑ ΔΙΕΞΑΧΘΗ ΜΕΓΑΛΗ ΑΕΡΟΠΟΡΙΚΗ ΑΣΚΗΣΙΣ

ΠΑΡΙΣΙΟΙ, 4. (Ασσ. Πρες).— Ο Πρόεδρος της Γαλλίας στρατηγός Ντε Γκώλ ζητεί όπως οι πύραυλοι «Πολάρις» ενσωματωθούν εις τας δυνάμεις του ΝΑΤΟ και να μη παραχωρηθούν απ' ευθείας εις την Αγγλίαν και την Γαλλίαν. Ο Γενικός Γραμματεύς του ΝΑΤΟ κ. Στίκκερ μετέβη εις την Βόννην, όπου συνωμίλησε με τον Καγκελλάριον κ. Αντενάουερ επί των προβλημάτων της συμμαχικής αμύνης. Εν τω μεταξύ ανεκοινώθη ότι θα διεξαχθή μεγάλη αεροπορική άσκησις των δυνάμεων του ΝΑΤΟ εις την Ευρώπην. ΟΤΤΑΒΑ, 4. (Ασσ. Πρες).— Ο Καναδάς εξετάζει την αποδοχήν πυρηνικών όπλων.

Ο ΣΤΙΚΚΕΡ ΕΙΣ ΒΟΝΝΗΝ

ΠΑΡΙΣΙΟΙ, 4. (Ασσ. Πρες).— Ο Πρόεδρος της Γαλλίας στρατηγός Ντε Γκώλ ζητεί όπως οι πύραυλοι «Πολάρις» ενσωματωθούν εις τας δυνάμεις του ΝΑΤΟ και να μη παραχωρηθούν απ' ευθείας εις την Αγγλίαν και την Γαλλίαν. Ο Γενικός Γραμματεύς του ΝΑΤΟ κ. Στίκκερ μετέβη εις την Βόννην, όπου συνωμίλησε με τον Καγκελλάριον κ. Αντενάουερ επί των προβλημάτων της συμμαχικής αμύνης. Εν τω μεταξύ ανεκοινώθη ότι θα διεξαχθή μεγάλη αεροπορική άσκησις των δυνάμεων του ΝΑΤΟ εις την Ευρώπην. ΟΤΤΑΒΑ, 4. (Ασσ. Πρες).— Ο Καναδάς εξετάζει την αποδοχήν πυρηνικών όπλων.

ΤΟ ΑΓΓΛΙΚΟΝ ΠΡΟΓΡΑΜΜΑ

ΠΑΡΙΣΙΟΙ, 4. (Ασσ. Πρες).— Ο Πρόεδρος της Γαλλίας στρατηγός Ντε Γκώλ ζητεί όπως οι πύραυλοι «Πολάρις» ενσωματωθούν εις τας δυνάμεις του ΝΑΤΟ και να μη παραχωρηθούν απ' ευθείας εις την Αγγλίαν και την Γαλλίαν. Ο Γενικός Γραμματεύς του ΝΑΤΟ κ. Στίκκερ μετέβη εις την Βόννην, όπου συνωμίλησε με τον Καγκελλάριον κ. Αντενάουερ επί των προβλημάτων της συμμαχικής αμύνης. Εν τω μεταξύ ανεκοινώθη ότι θα διεξαχθή μεγάλη αεροπορική άσκησις των δυνάμεων του ΝΑΤΟ εις την Ευρώπην. ΟΤΤΑΒΑ, 4. (Ασσ. Πρες).— Ο Καναδάς εξετάζει την αποδοχήν πυρηνικών όπλων.

ΙΚΑΝΟΠΟΙΗΣΙΣ Η ΒΟΝΝΗ

ΠΑΡΙΣΙΟΙ, 4. (Ασσ. Πρες).— Ο Πρόεδρος της Γαλλίας στρατηγός Ντε Γκώλ ζητεί όπως οι πύραυλοι «Πολάρις» ενσωματωθούν εις τας δυνάμεις του ΝΑΤΟ και να μη παραχωρηθούν απ' ευθείας εις την Αγγλίαν και την Γαλλίαν. Ο Γενικός Γραμματεύς του ΝΑΤΟ κ. Στίκκερ μετέβη εις την Βόννην, όπου συνωμίλησε με τον Καγκελλάριον κ. Αντενάουερ επί των προβλημάτων της συμμαχικής αμύνης. Εν τω μεταξύ ανεκοινώθη ότι θα διεξαχθή μεγάλη αεροπορική άσκησις των δυνάμεων του ΝΑΤΟ εις την Ευρώπην. ΟΤΤΑΒΑ, 4. (Ασσ. Πρες).— Ο Καναδάς εξετάζει την αποδοχήν πυρηνικών όπλων.

ΤΟ ΟΠΛΑ ΤΟΥ ΚΑΝΑΔΑ

ΠΑΡΙΣΙΟΙ, 4. (Ασσ. Πρες).— Ο Πρόεδρος της Γαλλίας στρατηγός Ντε Γκώλ ζητεί όπως οι πύραυλοι «Πολάρις» ενσωματωθούν εις τας δυνάμεις του ΝΑΤΟ και να μη παραχωρηθούν απ' ευθείας εις την Αγγλίαν και την Γαλλίαν. Ο Γενικός Γραμματεύς του ΝΑΤΟ κ. Στίκκερ μετέβη εις την Βόννην, όπου συνωμίλησε με τον Καγκελλάριον κ. Αντενάουερ επί των προβλημάτων της συμμαχικής αμύνης. Εν τω μεταξύ ανεκοινώθη ότι θα διεξαχθή μεγάλη αεροπορική άσκησις των δυνάμεων του ΝΑΤΟ εις την Ευρώπην. ΟΤΤΑΒΑ, 4. (Ασσ. Πρες).— Ο Καναδάς εξετάζει την αποδοχήν πυρηνικών όπλων.

100.000 · 320.000

ΣΥΣΚΕΨΙΣ ΕΙΣ ΠΑΛΜ ΜΠΗΤΣ

ΠΑΡΙΣΙΟΙ, 4. (Ασσ. Πρες).— Ο Πρόεδρος της Γαλλίας στρατηγός Ντε Γκώλ ζητεί όπως οι πύραυλοι «Πολάρις» ενσωματωθούν εις τας δυνάμεις του ΝΑΤΟ και να μη παραχωρηθούν απ' ευθείας εις την Αγγλίαν και την Γαλλίαν. Ο Γενικός Γραμματεύς του ΝΑΤΟ κ. Στίκκερ μετέβη εις την Βόννην, όπου συνωμίλησε με τον Καγκελλάριον κ. Αντενάουερ επί των προβλημάτων της συμμαχικής αμύνης. Εν τω μεταξύ ανεκοινώθη ότι θα διεξαχθή μεγάλη αεροπορική άσκησις των δυνάμεων του ΝΑΤΟ εις την Ευρώπην. ΟΤΤΑΒΑ, 4. (Ασσ. Πρες).— Ο Καναδάς εξετάζει την αποδοχήν πυρηνικών όπλων.
